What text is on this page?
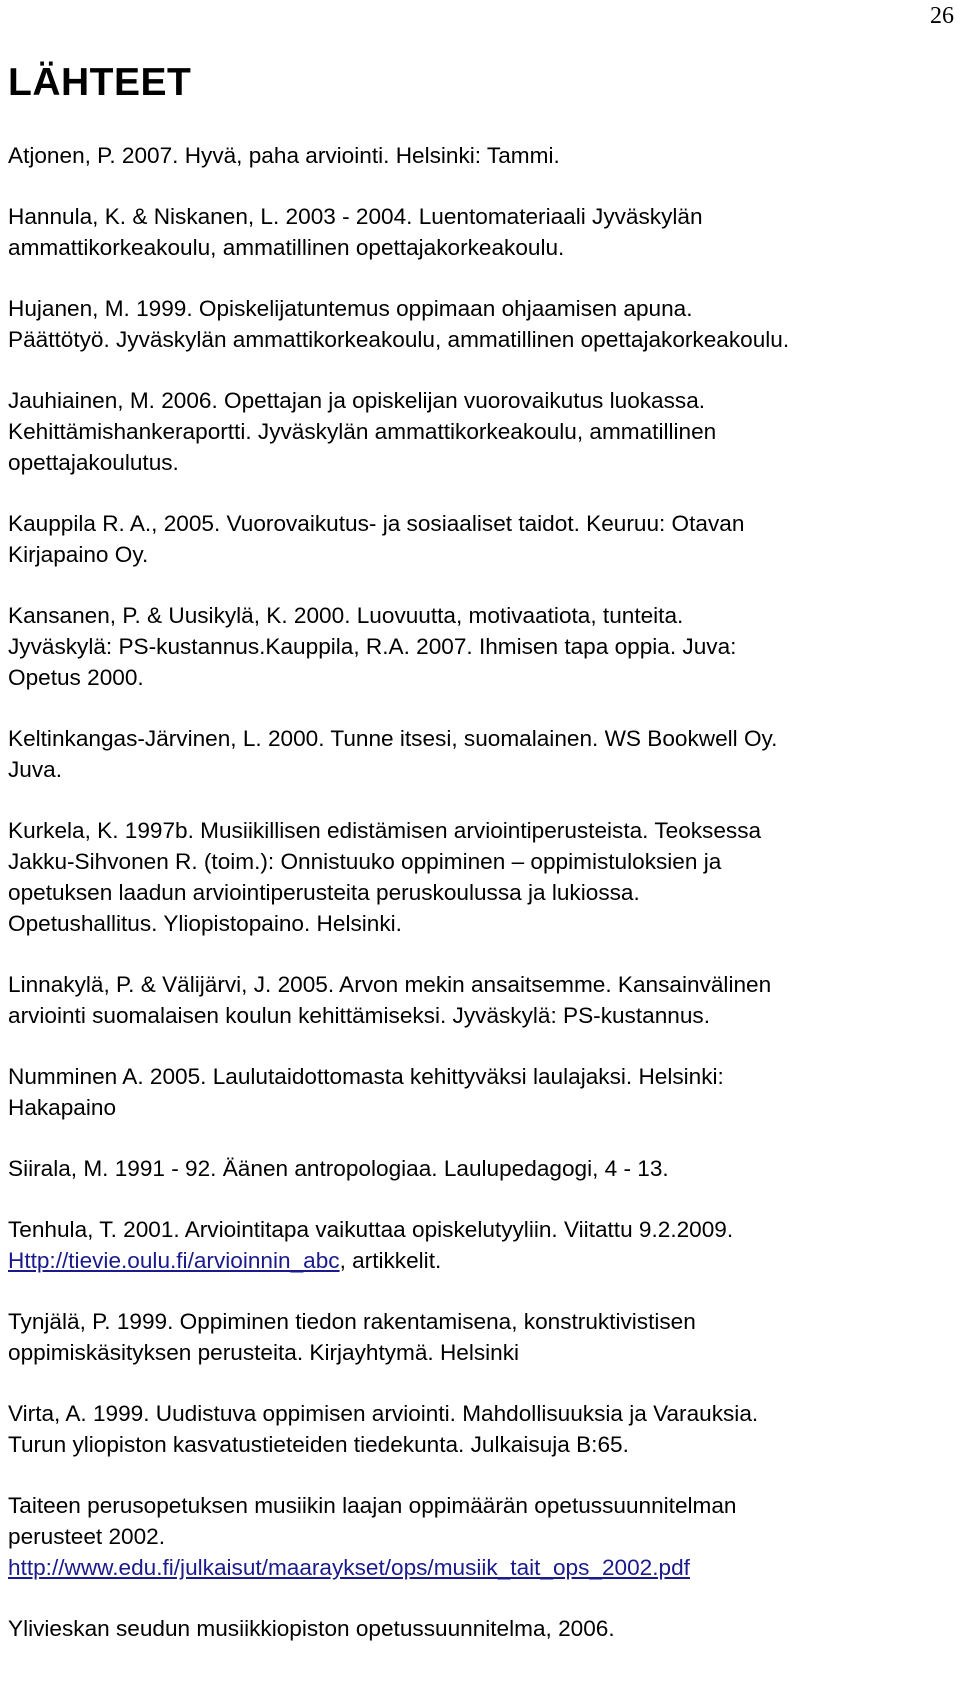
26
LÄHTEET
Atjonen, P. 2007. Hyvä, paha arviointi. Helsinki: Tammi.
Hannula, K. & Niskanen, L. 2003 - 2004. Luentomateriaali Jyväskylän
ammattikorkeakoulu, ammatillinen opettajakorkeakoulu.
Hujanen, M. 1999. Opiskelijatuntemus oppimaan ohjaamisen apuna.
Päättötyö. Jyväskylän ammattikorkeakoulu, ammatillinen opettajakorkeakoulu.
Jauhiainen, M. 2006. Opettajan ja opiskelijan vuorovaikutus luokassa.
Kehittämishankeraportti. Jyväskylän ammattikorkeakoulu, ammatillinen
opettajakoulutus.
Kauppila R. A., 2005. Vuorovaikutus- ja sosiaaliset taidot. Keuruu: Otavan
Kirjapaino Oy.
Kansanen, P. & Uusikylä, K. 2000. Luovuutta, motivaatiota, tunteita.
Jyväskylä: PS-kustannus.Kauppila, R.A. 2007. Ihmisen tapa oppia. Juva:
Opetus 2000.
Keltinkangas-Järvinen, L. 2000. Tunne itsesi, suomalainen. WS Bookwell Oy.
Juva.
Kurkela, K. 1997b. Musiikillisen edistämisen arviointiperusteista. Teoksessa
Jakku-Sihvonen R. (toim.): Onnistuuko oppiminen – oppimistuloksien ja
opetuksen laadun arviointiperusteita peruskoulussa ja lukiossa.
Opetushallitus. Yliopistopaino. Helsinki.
Linnakylä, P. & Välijärvi, J. 2005. Arvon mekin ansaitsemme. Kansainvälinen
arviointi suomalaisen koulun kehittämiseksi. Jyväskylä: PS-kustannus.
Numminen A. 2005. Laulutaidottomasta kehittyväksi laulajaksi. Helsinki:
Hakapaino
Siirala, M. 1991 - 92. Äänen antropologiaa. Laulupedagogi, 4 - 13.
Tenhula, T. 2001. Arviointitapa vaikuttaa opiskelutyyliin. Viitattu 9.2.2009.
Http://tievie.oulu.fi/arvioinnin_abc, artikkelit.
Tynjälä, P. 1999. Oppiminen tiedon rakentamisena, konstruktivistisen
oppimiskäsityksen perusteita. Kirjayhtymä. Helsinki
Virta, A. 1999. Uudistuva oppimisen arviointi. Mahdollisuuksia ja Varauksia.
Turun yliopiston kasvatustieteiden tiedekunta. Julkaisuja B:65.
Taiteen perusopetuksen musiikin laajan oppimäärän opetussuunnitelman
perusteet 2002.
http://www.edu.fi/julkaisut/maaraykset/ops/musiik_tait_ops_2002.pdf
Ylivieskan seudun musiikkiopiston opetussuunnitelma, 2006.
